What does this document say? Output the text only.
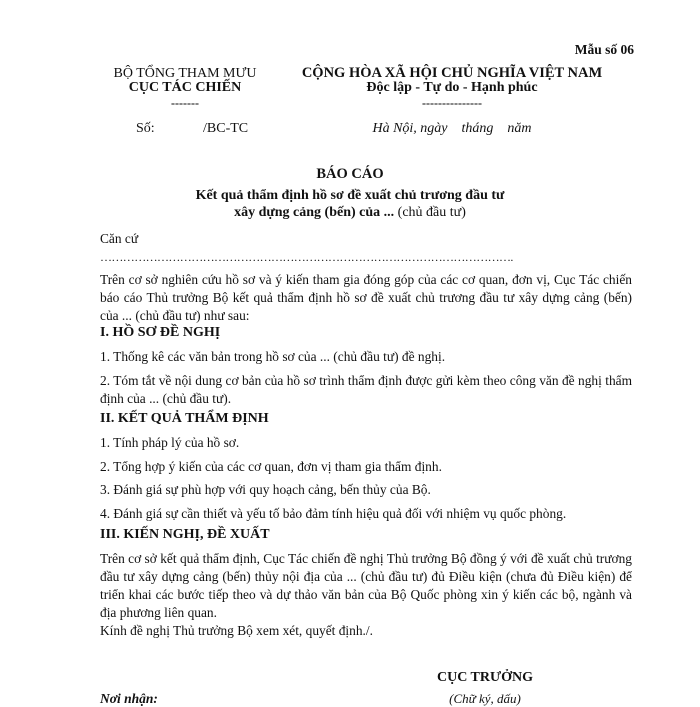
Mẫu số 06
BỘ TỔNG THAM MƯU
CỤC TÁC CHIẾN
-------
Số:	/BC-TC
CỘNG HÒA XÃ HỘI CHỦ NGHĨA VIỆT NAM
Độc lập - Tự do - Hạnh phúc
---------------
Hà Nội, ngày    tháng    năm
BÁO CÁO
Kết quả thẩm định hồ sơ đề xuất chủ trương đầu tư
xây dựng cảng (bến) của ... (chủ đầu tư)
Căn cứ
……………………………………………………………………………………………….
Trên cơ sở nghiên cứu hồ sơ và ý kiến tham gia đóng góp của các cơ quan, đơn vị, Cục Tác chiến báo cáo Thủ trưởng Bộ kết quả thẩm định hồ sơ đề xuất chủ trương đầu tư xây dựng cảng (bến) của ... (chủ đầu tư) như sau:
I. HỒ SƠ ĐỀ NGHỊ
1. Thống kê các văn bản trong hồ sơ của ... (chủ đầu tư) đề nghị.
2. Tóm tắt về nội dung cơ bản của hồ sơ trình thẩm định được gửi kèm theo công văn đề nghị thẩm định của ... (chủ đầu tư).
II. KẾT QUẢ THẨM ĐỊNH
1. Tính pháp lý của hồ sơ.
2. Tổng hợp ý kiến của các cơ quan, đơn vị tham gia thẩm định.
3. Đánh giá sự phù hợp với quy hoạch cảng, bến thủy của Bộ.
4. Đánh giá sự cần thiết và yếu tố bảo đảm tính hiệu quả đối với nhiệm vụ quốc phòng.
III. KIẾN NGHỊ, ĐỀ XUẤT
Trên cơ sở kết quả thẩm định, Cục Tác chiến đề nghị Thủ trưởng Bộ đồng ý với đề xuất chủ trương đầu tư xây dựng cảng (bến) thủy nội địa của ... (chủ đầu tư) đủ Điều kiện (chưa đủ Điều kiện) để triển khai các bước tiếp theo và dự thảo văn bản của Bộ Quốc phòng xin ý kiến các bộ, ngành và địa phương liên quan.
Kính đề nghị Thủ trưởng Bộ xem xét, quyết định./.
CỤC TRƯỞNG
(Chữ ký, dấu)
Nơi nhận:
